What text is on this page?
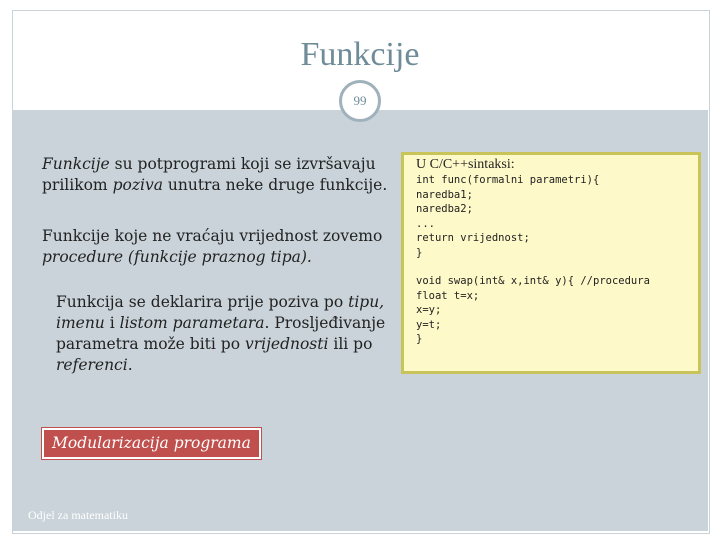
Funkcije
99
Funkcije su potprogrami koji se izvršavaju prilikom poziva unutra neke druge funkcije.
Funkcije koje ne vraćaju vrijednost zovemo procedure (funkcije praznog tipa).
Funkcija se deklarira prije poziva po tipu, imenu i listom parametara. Prosljeđivanje parametra može biti po vrijednosti ili po referenci.
Modularizacija programa
U C/C++sintaksi:
int func(formalni parametri){
naredba1;
naredba2;
...
return vrijednost;
}
void swap(int& x,int& y){ //procedura
float t=x;
x=y;
y=t;
}
Odjel za matematiku
